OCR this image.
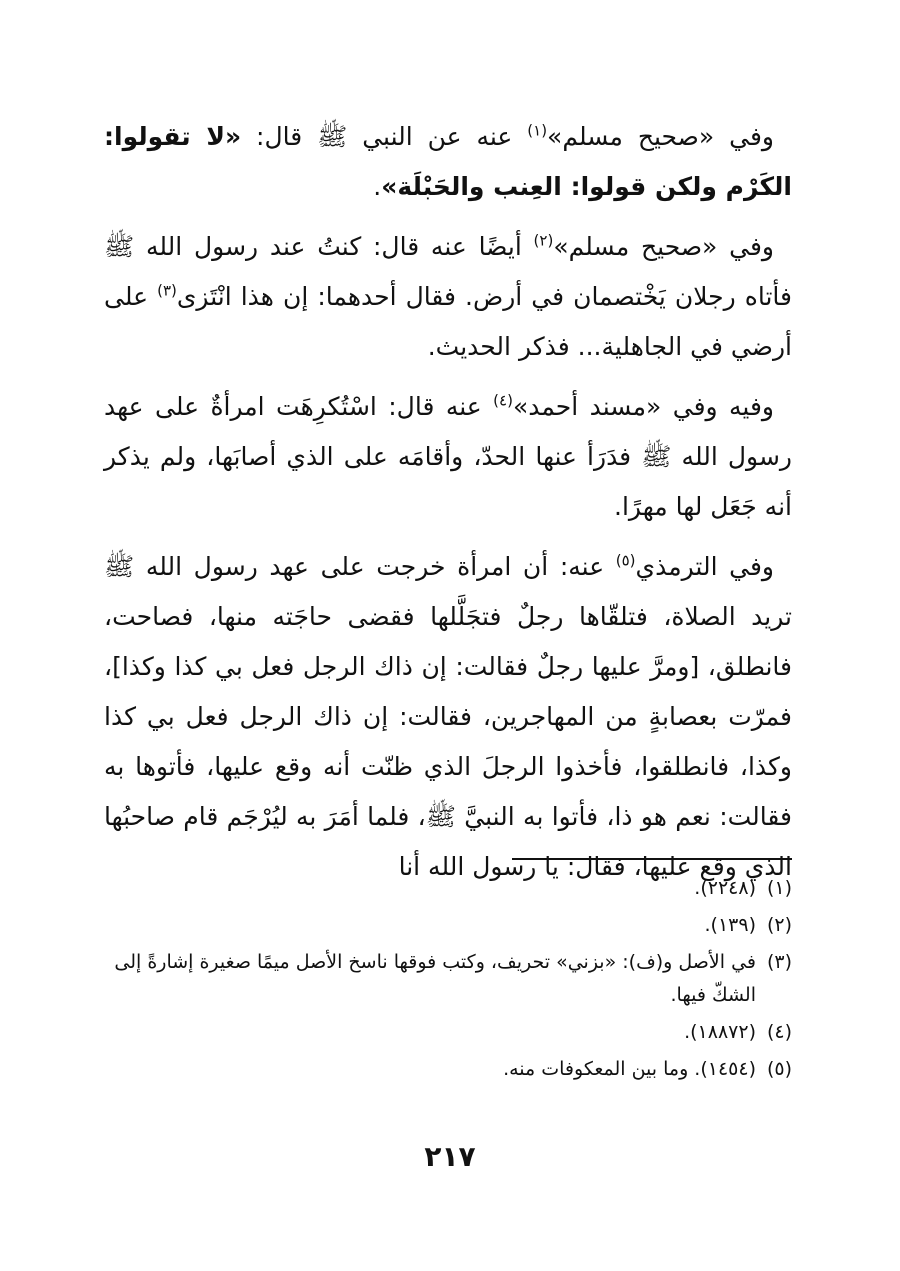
وفي «صحيح مسلم»$^{(١)}$ عنه عن النبي ﷺ قال: «لا تقولوا: الكَرْم ولكن قولوا: العِنب والحَبْلَة».

وفي «صحيح مسلم»$^{(٢)}$ أيضًا عنه قال: كنتُ عند رسول الله ﷺ فأتاه رجلان يَخْتصمان في أرض. فقال أحدهما: إن هذا انْتَزى$^{(٣)}$ على أرضي في الجاهلية... فذكر الحديث.

وفيه وفي «مسند أحمد»$^{(٤)}$ عنه قال: اسْتُكرِهَت امرأةٌ على عهد رسول الله ﷺ فدَرَأ عنها الحدّ، وأقامَه على الذي أصابَها، ولم يذكر أنه جَعَل لها مهرًا.

وفي الترمذي$^{(٥)}$ عنه: أن امرأة خرجت على عهد رسول الله ﷺ تريد الصلاة، فتلقّاها رجلٌ فتجَلَّلها فقضى حاجَته منها، فصاحت، فانطلق، [ومرَّ عليها رجلٌ فقالت: إن ذاك الرجل فعل بي كذا وكذا]، فمرّت بعصابةٍ من المهاجرين، فقالت: إن ذاك الرجل فعل بي كذا وكذا، فانطلقوا، فأخذوا الرجلَ الذي ظنّت أنه وقع عليها، فأتوها به فقالت: نعم هو ذا، فأتوا به النبيَّ ﷺ، فلما أمَرَ به ليُرْجَم قام صاحبُها الذي وقع عليها، فقال: يا رسول الله أنا

(١)
(٢٢٤٨).
(٢)
(١٣٩).
(٣)
في الأصل و(ف): «بزني» تحريف، وكتب فوقها ناسخ الأصل ميمًا صغيرة إشارةً إلى الشكّ فيها.
(٤)
(١٨٨٧٢).
(٥)
(١٤٥٤). وما بين المعكوفات منه.
٢١٧
